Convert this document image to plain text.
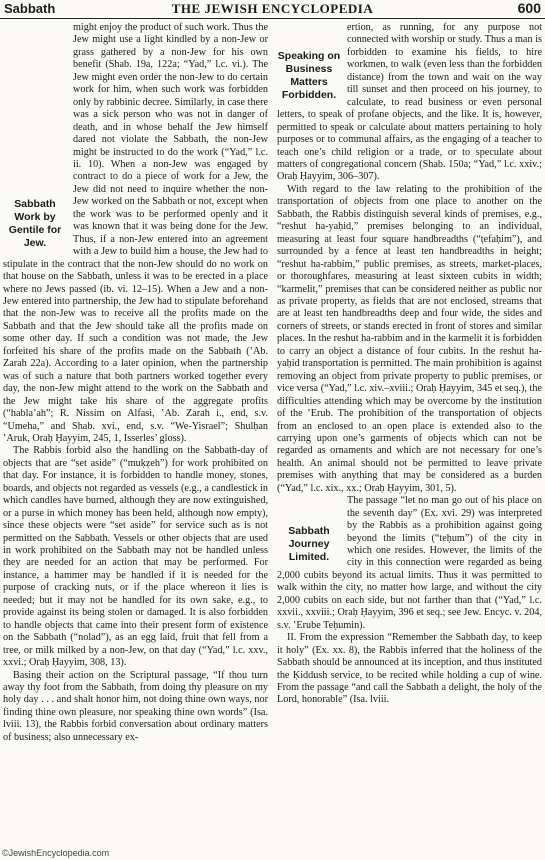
Sabbath	THE JEWISH ENCYCLOPEDIA	600
Sabbath Work by Gentile for Jew.

might enjoy the product of such work. Thus the Jew might use a light kindled by a non-Jew or grass gathered by a non-Jew for his own benefit (Shab. 19a, 122a; “Yad,” l.c. vi.). The Jew might even order the non-Jew to do certain work for him, when such work was forbidden only by rabbinic decree. Similarly, in case there was a sick person who was not in danger of death, and in whose behalf the Jew himself dared not violate the Sabbath, the non-Jew might be instructed to do the work (“Yad,” l.c. ii. 10). When a non-Jew was engaged by contract to do a piece of work for a Jew, the Jew did not need to inquire whether the non-Jew worked on the Sabbath or not, except when the work was to be performed openly and it was known that it was being done for the Jew. Thus, if a non-Jew entered into an agreement with a Jew to build him a house, the Jew had to stipulate in the contract that the non-Jew should do no work on that house on the Sabbath, unless it was to be erected in a place where no Jews passed (ib. vi. 12–15). When a Jew and a non-Jew entered into partnership, the Jew had to stipulate beforehand that the non-Jew was to receive all the profits made on the Sabbath and that the Jew should take all the profits made on some other day. If such a condition was not made, the Jew forfeited his share of the profits made on the Sabbath (ʽAb. Zarah 22a). According to a later opinion, when the partnership was of such a nature that both partners worked together every day, the non-Jew might attend to the work on the Sabbath and the Jew might take his share of the aggregate profits (“habla’ah”; R. Nissim on Alfasi, ʽAb. Zarah i., end, s.v. “Umeha,” and Shab. xvi., end, s.v. “We-Yisrael”; Shulḥan ʽAruk, Oraḥ Ḥayyim, 245, 1, Isserles’ gloss).

The Rabbis forbid also the handling on the Sabbath-day of objects that are “set aside” (“muḳẓeh”) for work prohibited on that day. For instance, it is forbidden to handle money, stones, boards, and objects not regarded as vessels (e.g., a candlestick in which candles have burned, although they are now extinguished, or a purse in which money has been held, although now empty), since these objects were “set aside” for service such as is not permitted on the Sabbath. Vessels or other objects that are used in work prohibited on the Sabbath may not be handled unless they are needed for an action that may be performed. For instance, a hammer may be handled if it is needed for the purpose of cracking nuts, or if the place whereon it lies is needed; but it may not be handled for its own sake, e.g., to provide against its being stolen or damaged. It is also forbidden to handle objects that came into their present form of existence on the Sabbath (“nolad”), as an egg laid, fruit that fell from a tree, or milk milked by a non-Jew, on that day (“Yad,” l.c. xxv., xxvi.; Oraḥ Ḥayyim, 308, 13).

Basing their action on the Scriptural passage, “If thou turn away thy foot from the Sabbath, from doing thy pleasure on my holy day . . . and shalt honor him, not doing thine own ways, nor finding thine own pleasure, nor speaking thine own words” (Isa. lviii. 13), the Rabbis forbid conversation about ordinary matters of business; also unnecessary ex-

Speaking on Business Matters Forbidden.

ertion, as running, for any purpose not connected with worship or study. Thus a man is forbidden to examine his fields, to hire workmen, to walk (even less than the forbidden distance) from the town and wait on the way till sunset and then proceed on his journey, to calculate, to read business or even personal letters, to speak of profane objects, and the like. It is, however, permitted to speak or calculate about matters pertaining to holy purposes or to communal affairs, as the engaging of a teacher to teach one’s child religion or a trade, or to speculate about matters of congregational concern (Shab. 150a; “Yad,” l.c. xxiv.; Oraḥ Ḥayyim, 306–307).

With regard to the law relating to the prohibition of the transportation of objects from one place to another on the Sabbath, the Rabbis distinguish several kinds of premises, e.g., “reshut ha-yaḥid,” premises belonging to an individual, measuring at least four square handbreadths (“ṭefaḥim”), and surrounded by a fence at least ten handbreadths in height; “reshut ha-rabbim,” public premises, as streets, market-places, or thoroughfares, measuring at least sixteen cubits in width; “karmelit,” premises that can be considered neither as public nor as private property, as fields that are not enclosed, streams that are at least ten handbreadths deep and four wide, the sides and corners of streets, or stands erected in front of stores and similar places. In the reshut ha-rabbim and in the karmelit it is forbidden to carry an object a distance of four cubits. In the reshut ha-yaḥid transportation is permitted. The main prohibition is against removing an object from private property to public premises, or vice versa (“Yad,” l.c. xiv.–xviii.; Oraḥ Ḥayyim, 345 et seq.), the difficulties attending which may be overcome by the institution of the ʽErub. The prohibition of the transportation of objects from an enclosed to an open place is extended also to the carrying upon one’s garments of objects which can not be regarded as ornaments and which are not necessary for one’s health. An animal should not be permitted to leave private premises with anything that may be considered as a burden (“Yad,” l.c. xix., xx.; Oraḥ Ḥayyim, 301, 5).

Sabbath Journey Limited.

The passage “let no man go out of his place on the seventh day” (Ex. xvi. 29) was interpreted by the Rabbis as a prohibition against going beyond the limits (“teḥum”) of the city in which one resides. However, the limits of the city in this connection were regarded as being 2,000 cubits beyond its actual limits. Thus it was permitted to walk within the city, no matter how large, and without the city 2,000 cubits on each side, but not farther than that (“Yad,” l.c. xxvii., xxviii.; Oraḥ Ḥayyim, 396 et seq.; see Jew. Encyc. v. 204, s.v. ʽErube Teḥumin).

II. From the expression “Remember the Sabbath day, to keep it holy” (Ex. xx. 8), the Rabbis inferred that the holiness of the Sabbath should be announced at its inception, and thus instituted the Ḳiddush service, to be recited while holding a cup of wine. From the passage “and call the Sabbath a delight, the holy of the Lord, honorable” (Isa. lviii.

©JewishEncyclopedia.com
